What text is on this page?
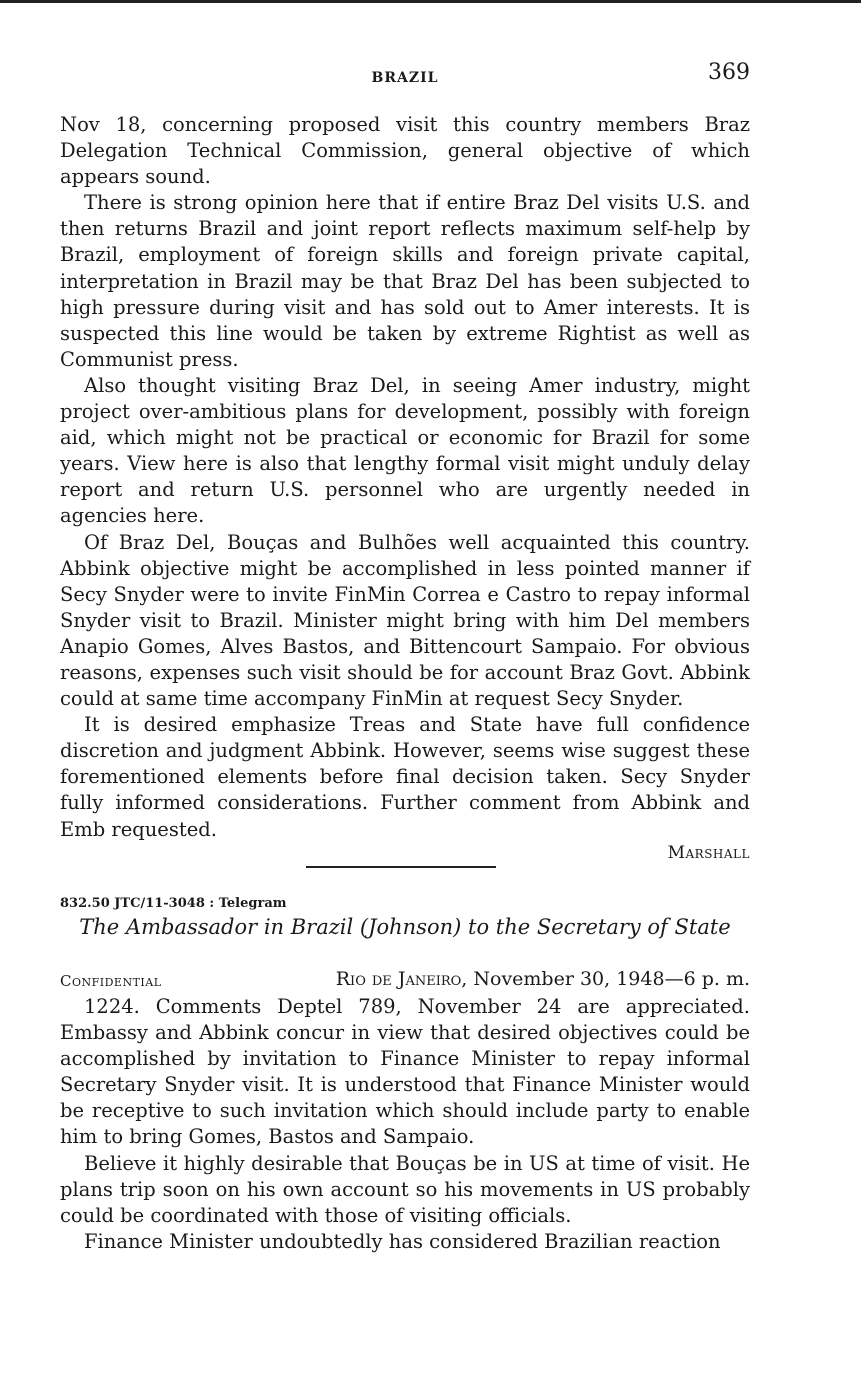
BRAZIL	369

Nov 18, concerning proposed visit this country members Braz Delegation Technical Commission, general objective of which appears sound.

There is strong opinion here that if entire Braz Del visits U.S. and then returns Brazil and joint report reflects maximum self-help by Brazil, employment of foreign skills and foreign private capital, interpretation in Brazil may be that Braz Del has been subjected to high pressure during visit and has sold out to Amer interests. It is suspected this line would be taken by extreme Rightist as well as Communist press.

Also thought visiting Braz Del, in seeing Amer industry, might project over-ambitious plans for development, possibly with foreign aid, which might not be practical or economic for Brazil for some years. View here is also that lengthy formal visit might unduly delay report and return U.S. personnel who are urgently needed in agencies here.

Of Braz Del, Bouças and Bulhões well acquainted this country. Abbink objective might be accomplished in less pointed manner if Secy Snyder were to invite FinMin Correa e Castro to repay informal Snyder visit to Brazil. Minister might bring with him Del members Anapio Gomes, Alves Bastos, and Bittencourt Sampaio. For obvious reasons, expenses such visit should be for account Braz Govt. Abbink could at same time accompany FinMin at request Secy Snyder.

It is desired emphasize Treas and State have full confidence discretion and judgment Abbink. However, seems wise suggest these forementioned elements before final decision taken. Secy Snyder fully informed considerations. Further comment from Abbink and Emb requested.

Marshall
832.50 JTC/11-3048 : Telegram
The Ambassador in Brazil (Johnson) to the Secretary of State
Confidential	Rio de Janeiro, November 30, 1948—6 p. m.

1224. Comments Deptel 789, November 24 are appreciated. Embassy and Abbink concur in view that desired objectives could be accomplished by invitation to Finance Minister to repay informal Secretary Snyder visit. It is understood that Finance Minister would be receptive to such invitation which should include party to enable him to bring Gomes, Bastos and Sampaio.

Believe it highly desirable that Bouças be in US at time of visit. He plans trip soon on his own account so his movements in US probably could be coordinated with those of visiting officials.

Finance Minister undoubtedly has considered Brazilian reaction
